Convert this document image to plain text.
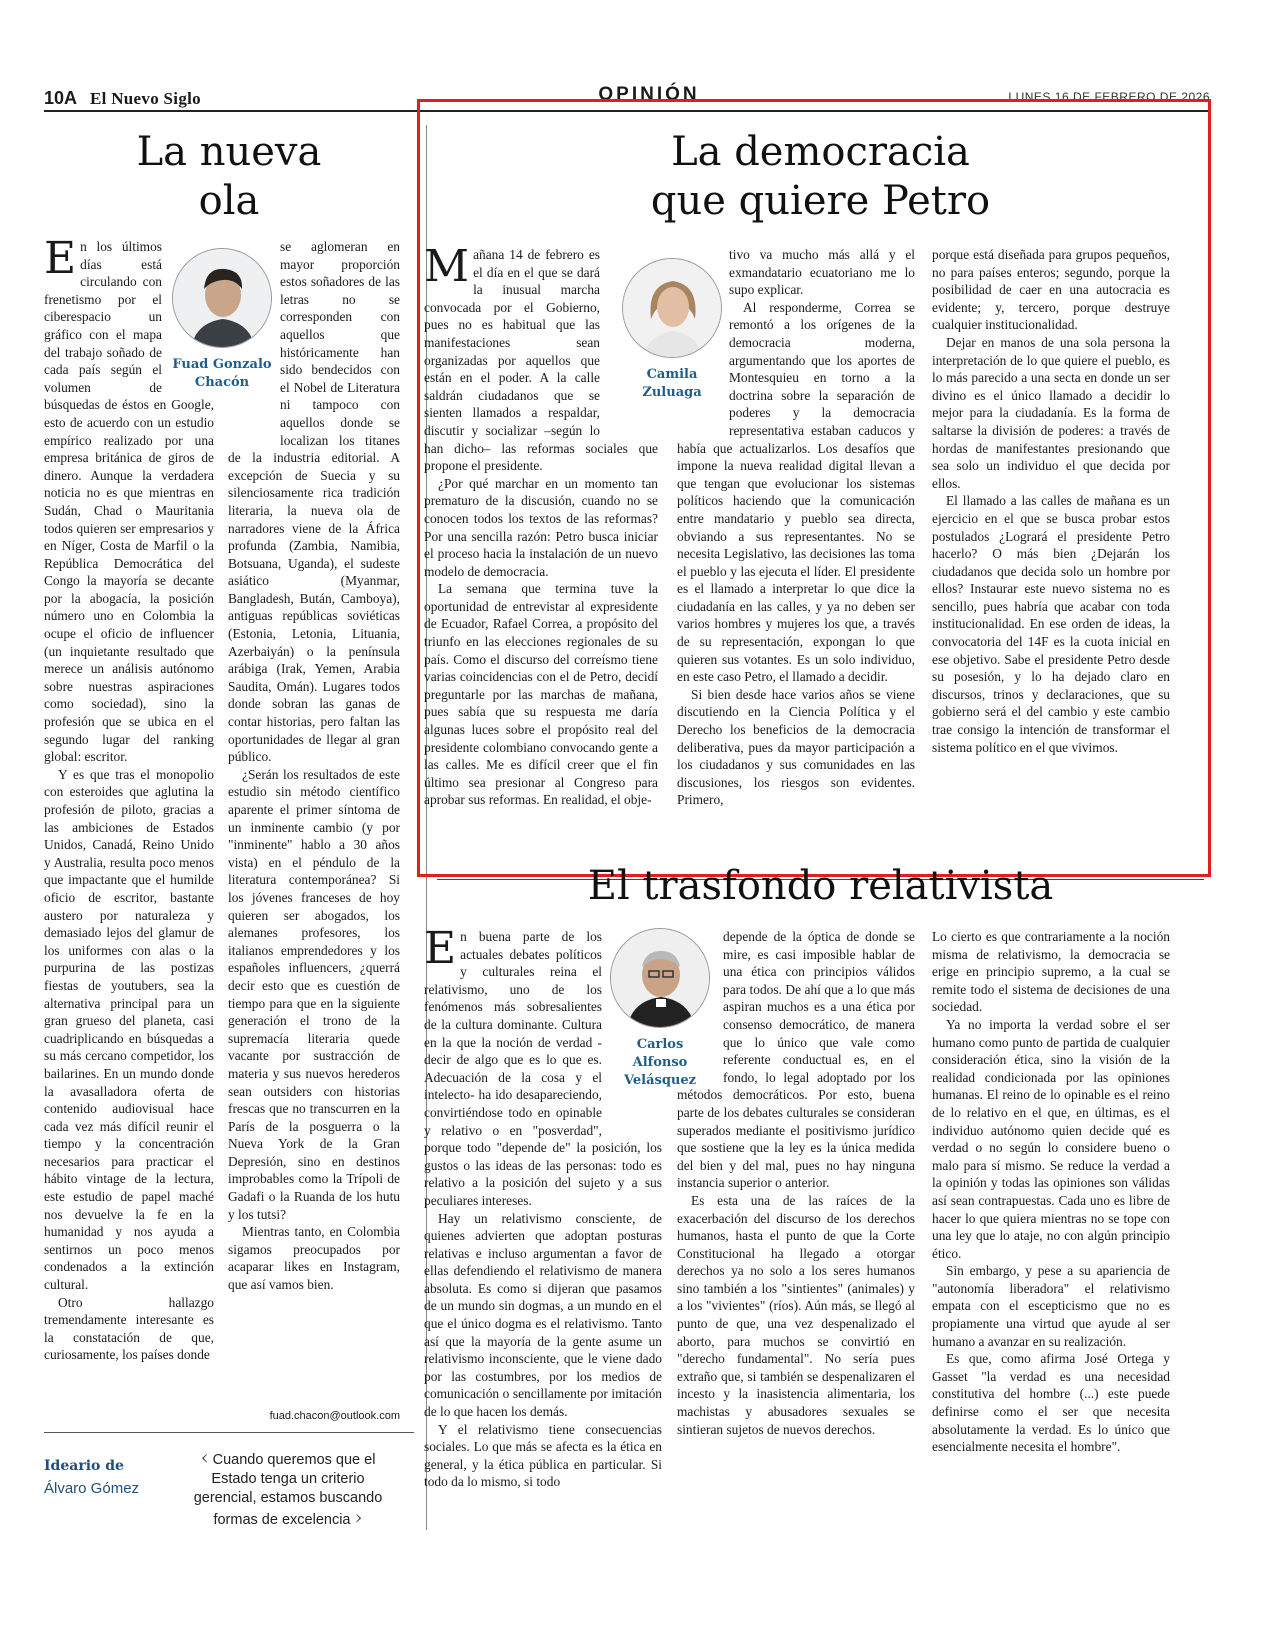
10A El Nuevo Siglo	OPINIÓN	LUNES 16 DE FEBRERO DE 2026
La nueva
ola
Fuad Gonzalo
Chacón

En los últimos días está circulando con frenetismo por el ciberespacio un gráfico con el mapa del trabajo soñado de cada país según el volumen de búsquedas de éstos en Google, esto de acuerdo con un estudio empírico realizado por una empresa británica de giros de dinero. Aunque la verdadera noticia no es que mientras en Sudán, Chad o Mauritania todos quieren ser empresarios y en Níger, Costa de Marfil o la República Democrática del Congo la mayoría se decante por la abogacía, la posición número uno en Colombia la ocupe el oficio de influencer (un inquietante resultado que merece un análisis autónomo sobre nuestras aspiraciones como sociedad), sino la profesión que se ubica en el segundo lugar del ranking global: escritor.

Y es que tras el monopolio con esteroides que aglutina la profesión de piloto, gracias a las ambiciones de Estados Unidos, Canadá, Reino Unido y Australia, resulta poco menos que impactante que el humilde oficio de escritor, bastante austero por naturaleza y demasiado lejos del glamur de los uniformes con alas o la purpurina de las postizas fiestas de youtubers, sea la alternativa principal para un gran grueso del planeta, casi cuadriplicando en búsquedas a su más cercano competidor, los bailarines. En un mundo donde la avasalladora oferta de contenido audiovisual hace cada vez más difícil reunir el tiempo y la concentración necesarios para practicar el hábito vintage de la lectura, este estudio de papel maché nos devuelve la fe en la humanidad y nos ayuda a sentirnos un poco menos condenados a la extinción cultural.

Otro hallazgo tremendamente interesante es la constatación de que, curiosamente, los países donde

se aglomeran en mayor proporción estos soñadores de las letras no se corresponden con aquellos que históricamente han sido bendecidos con el Nobel de Literatura ni tampoco con aquellos donde se localizan los titanes de la industria editorial. A excepción de Suecia y su silenciosamente rica tradición literaria, la nueva ola de narradores viene de la África profunda (Zambia, Namibia, Botsuana, Uganda), el sudeste asiático (Myanmar, Bangladesh, Bután, Camboya), antiguas repúblicas soviéticas (Estonia, Letonia, Lituania, Azerbaiyán) o la península arábiga (Irak, Yemen, Arabia Saudita, Omán). Lugares todos donde sobran las ganas de contar historias, pero faltan las oportunidades de llegar al gran público.

¿Serán los resultados de este estudio sin método científico aparente el primer síntoma de un inminente cambio (y por "inminente" hablo a 30 años vista) en el péndulo de la literatura contemporánea? Si los jóvenes franceses de hoy quieren ser abogados, los alemanes profesores, los italianos emprendedores y los españoles influencers, ¿querrá decir esto que es cuestión de tiempo para que en la siguiente generación el trono de la supremacía literaria quede vacante por sustracción de materia y sus nuevos herederos sean outsiders con historias frescas que no transcurren en la París de la posguerra o la Nueva York de la Gran Depresión, sino en destinos improbables como la Trípoli de Gadafi o la Ruanda de los hutu y los tutsi?

Mientras tanto, en Colombia sigamos preocupados por acaparar likes en Instagram, que así vamos bien.

fuad.chacon@outlook.com
Ideario de
Álvaro Gómez
‹ Cuando queremos que el Estado tenga un criterio gerencial, estamos buscando formas de excelencia ›
La democracia
que quiere Petro
Camila
Zuluaga

Mañana 14 de febrero es el día en el que se dará la inusual marcha convocada por el Gobierno, pues no es habitual que las manifestaciones sean organizadas por aquellos que están en el poder. A la calle saldrán ciudadanos que se sienten llamados a respaldar, discutir y socializar –según lo han dicho– las reformas sociales que propone el presidente.

¿Por qué marchar en un momento tan prematuro de la discusión, cuando no se conocen todos los textos de las reformas? Por una sencilla razón: Petro busca iniciar el proceso hacia la instalación de un nuevo modelo de democracia.

La semana que termina tuve la oportunidad de entrevistar al expresidente de Ecuador, Rafael Correa, a propósito del triunfo en las elecciones regionales de su país. Como el discurso del correísmo tiene varias coincidencias con el de Petro, decidí preguntarle por las marchas de mañana, pues sabía que su respuesta me daría algunas luces sobre el propósito real del presidente colombiano convocando gente a las calles. Me es difícil creer que el fin último sea presionar al Congreso para aprobar sus reformas. En realidad, el obje-

tivo va mucho más allá y el exmandatario ecuatoriano me lo supo explicar.

Al responderme, Correa se remontó a los orígenes de la democracia moderna, argumentando que los aportes de Montesquieu en torno a la doctrina sobre la separación de poderes y la democracia representativa estaban caducos y había que actualizarlos. Los desafíos que impone la nueva realidad digital llevan a que tengan que evolucionar los sistemas políticos haciendo que la comunicación entre mandatario y pueblo sea directa, obviando a sus representantes. No se necesita Legislativo, las decisiones las toma el pueblo y las ejecuta el líder. El presidente es el llamado a interpretar lo que dice la ciudadanía en las calles, y ya no deben ser varios hombres y mujeres los que, a través de su representación, expongan lo que quieren sus votantes. Es un solo individuo, en este caso Petro, el llamado a decidir.

Si bien desde hace varios años se viene discutiendo en la Ciencia Política y el Derecho los beneficios de la democracia deliberativa, pues da mayor participación a los ciudadanos y sus comunidades en las discusiones, los riesgos son evidentes. Primero,

porque está diseñada para grupos pequeños, no para países enteros; segundo, porque la posibilidad de caer en una autocracia es evidente; y, tercero, porque destruye cualquier institucionalidad.

Dejar en manos de una sola persona la interpretación de lo que quiere el pueblo, es lo más parecido a una secta en donde un ser divino es el único llamado a decidir lo mejor para la ciudadanía. Es la forma de saltarse la división de poderes: a través de hordas de manifestantes presionando que sea solo un individuo el que decida por ellos.

El llamado a las calles de mañana es un ejercicio en el que se busca probar estos postulados ¿Logrará el presidente Petro hacerlo? O más bien ¿Dejarán los ciudadanos que decida solo un hombre por ellos? Instaurar este nuevo sistema no es sencillo, pues habría que acabar con toda institucionalidad. En ese orden de ideas, la convocatoria del 14F es la cuota inicial en ese objetivo. Sabe el presidente Petro desde su posesión, y lo ha dejado claro en discursos, trinos y declaraciones, que su gobierno será el del cambio y este cambio trae consigo la intención de transformar el sistema político en el que vivimos.

El trasfondo relativista
Carlos
Alfonso
Velásquez

En buena parte de los actuales debates políticos y culturales reina el relativismo, uno de los fenómenos más sobresalientes de la cultura dominante. Cultura en la que la noción de verdad -decir de algo que es lo que es. Adecuación de la cosa y el intelecto- ha ido desapareciendo, convirtiéndose todo en opinable y relativo o en "posverdad", porque todo "depende de" la posición, los gustos o las ideas de las personas: todo es relativo a la posición del sujeto y a sus peculiares intereses.

Hay un relativismo consciente, de quienes advierten que adoptan posturas relativas e incluso argumentan a favor de ellas defendiendo el relativismo de manera absoluta. Es como si dijeran que pasamos de un mundo sin dogmas, a un mundo en el que el único dogma es el relativismo. Tanto así que la mayoría de la gente asume un relativismo inconsciente, que le viene dado por las costumbres, por los medios de comunicación o sencillamente por imitación de lo que hacen los demás.

Y el relativismo tiene consecuencias sociales. Lo que más se afecta es la ética en general, y la ética pública en particular. Si todo da lo mismo, si todo

depende de la óptica de donde se mire, es casi imposible hablar de una ética con principios válidos para todos. De ahí que a lo que más aspiran muchos es a una ética por consenso democrático, de manera que lo único que vale como referente conductual es, en el fondo, lo legal adoptado por los métodos democráticos. Por esto, buena parte de los debates culturales se consideran superados mediante el positivismo jurídico que sostiene que la ley es la única medida del bien y del mal, pues no hay ninguna instancia superior o anterior.

Es esta una de las raíces de la exacerbación del discurso de los derechos humanos, hasta el punto de que la Corte Constitucional ha llegado a otorgar derechos ya no solo a los seres humanos sino también a los "sintientes" (animales) y a los "vivientes" (ríos). Aún más, se llegó al punto de que, una vez despenalizado el aborto, para muchos se convirtió en "derecho fundamental". No sería pues extraño que, si también se despenalizaren el incesto y la inasistencia alimentaria, los machistas y abusadores sexuales se sintieran sujetos de nuevos derechos.

Lo cierto es que contrariamente a la noción misma de relativismo, la democracia se erige en principio supremo, a la cual se remite todo el sistema de decisiones de una sociedad.

Ya no importa la verdad sobre el ser humano como punto de partida de cualquier consideración ética, sino la visión de la realidad condicionada por las opiniones humanas. El reino de lo opinable es el reino de lo relativo en el que, en últimas, es el individuo autónomo quien decide qué es verdad o no según lo considere bueno o malo para sí mismo. Se reduce la verdad a la opinión y todas las opiniones son válidas así sean contrapuestas. Cada uno es libre de hacer lo que quiera mientras no se tope con una ley que lo ataje, no con algún principio ético.

Sin embargo, y pese a su apariencia de "autonomía liberadora" el relativismo empata con el escepticismo que no es propiamente una virtud que ayude al ser humano a avanzar en su realización.

Es que, como afirma José Ortega y Gasset "la verdad es una necesidad constitutiva del hombre (...) este puede definirse como el ser que necesita absolutamente la verdad. Es lo único que esencialmente necesita el hombre".
